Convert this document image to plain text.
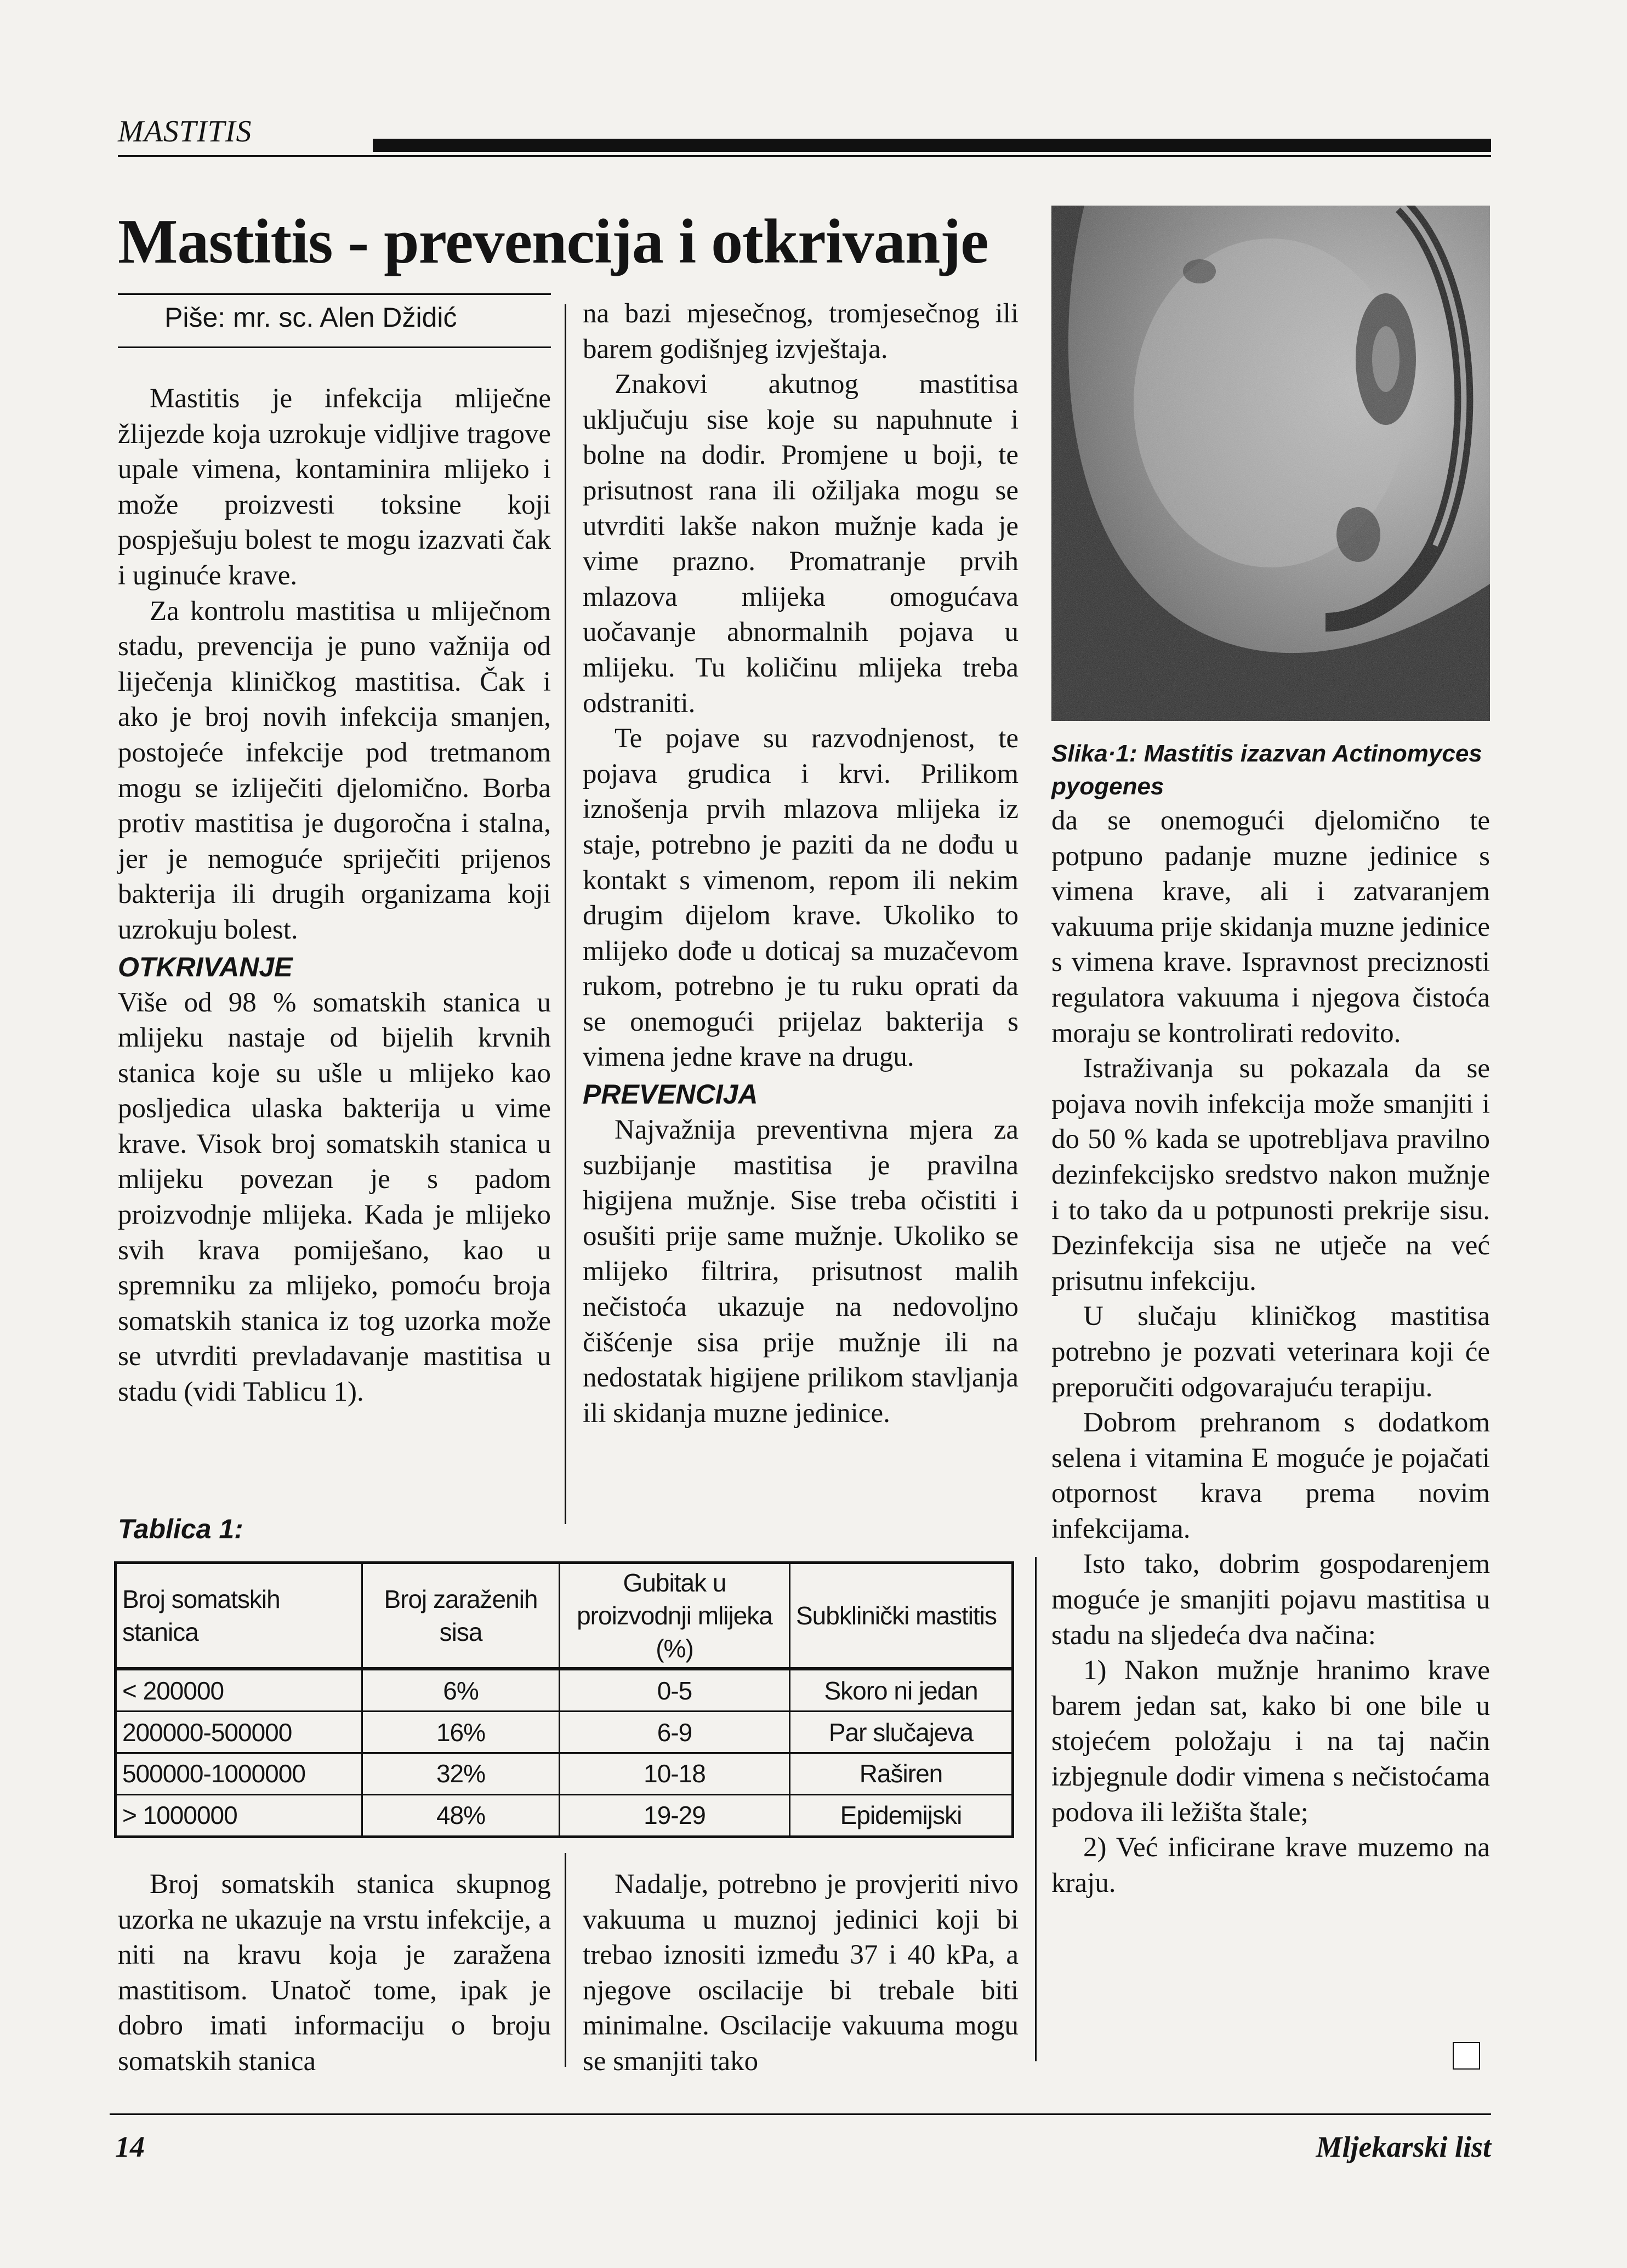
MASTITIS
Mastitis - prevencija i otkrivanje
Piše: mr. sc. Alen Džidić

Mastitis je infekcija mliječne žlijezde koja uzrokuje vidljive tragove upale vimena, kontaminira mlijeko i može proizvesti toksine koji pospješuju bolest te mogu izazvati čak i uginuće krave.

Za kontrolu mastitisa u mliječnom stadu, prevencija je puno važnija od liječenja kliničkog mastitisa. Čak i ako je broj novih infekcija smanjen, postojeće infekcije pod tretmanom mogu se izliječiti djelomično. Borba protiv mastitisa je dugoročna i stalna, jer je nemoguće spriječiti prijenos bakterija ili drugih organizama koji uzrokuju bolest.

OTKRIVANJE

Više od 98 % somatskih stanica u mlijeku nastaje od bijelih krvnih stanica koje su ušle u mlijeko kao posljedica ulaska bakterija u vime krave. Visok broj somatskih stanica u mlijeku povezan je s padom proizvodnje mlijeka. Kada je mlijeko svih krava pomiješano, kao u spremniku za mlijeko, pomoću broja somatskih stanica iz tog uzorka može se utvrditi prevladavanje mastitisa u stadu (vidi Tablicu 1).

na bazi mjesečnog, tromjesečnog ili barem godišnjeg izvještaja.

Znakovi akutnog mastitisa uključuju sise koje su napuhnute i bolne na dodir. Promjene u boji, te prisutnost rana ili ožiljaka mogu se utvrditi lakše nakon mužnje kada je vime prazno. Promatranje prvih mlazova mlijeka omogućava uočavanje abnormalnih pojava u mlijeku. Tu količinu mlijeka treba odstraniti.

Te pojave su razvodnjenost, te pojava grudica i krvi. Prilikom iznošenja prvih mlazova mlijeka iz staje, potrebno je paziti da ne dođu u kontakt s vimenom, repom ili nekim drugim dijelom krave. Ukoliko to mlijeko dođe u doticaj sa muzačevom rukom, potrebno je tu ruku oprati da se onemogući prijelaz bakterija s vimena jedne krave na drugu.

PREVENCIJA

Najvažnija preventivna mjera za suzbijanje mastitisa je pravilna higijena mužnje. Sise treba očistiti i osušiti prije same mužnje. Ukoliko se mlijeko filtrira, prisutnost malih nečistoća ukazuje na nedovoljno čišćenje sisa prije mužnje ili na nedostatak higijene prilikom stavljanja ili skidanja muzne jedinice.

Slika·1: Mastitis izazvan Actinomyces pyogenes

da se onemogući djelomično te potpuno padanje muzne jedinice s vimena krave, ali i zatvaranjem vakuuma prije skidanja muzne jedinice s vimena krave. Ispravnost preciznosti regulatora vakuuma i njegova čistoća moraju se kontrolirati redovito.

Istraživanja su pokazala da se pojava novih infekcija može smanjiti i do 50 % kada se upotrebljava pravilno dezinfekcijsko sredstvo nakon mužnje i to tako da u potpunosti prekrije sisu. Dezinfekcija sisa ne utječe na već prisutnu infekciju.

U slučaju kliničkog mastitisa potrebno je pozvati veterinara koji će preporučiti odgovarajuću terapiju.

Dobrom prehranom s dodatkom selena i vitamina E moguće je pojačati otpornost krava prema novim infekcijama.

Isto tako, dobrim gospodarenjem moguće je smanjiti pojavu mastitisa u stadu na sljedeća dva načina:

1) Nakon mužnje hranimo krave barem jedan sat, kako bi one bile u stojećem položaju i na taj način izbjegnule dodir vimena s nečistoćama podova ili ležišta štale;

2) Već inficirane krave muzemo na kraju.

Tablica 1:
Broj somatskih stanica	Broj zaraženih sisa	Gubitak u proizvodnji mlijeka (%)	Subklinički mastitis
< 200000	6%	0-5	Skoro ni jedan
200000-500000	16%	6-9	Par slučajeva
500000-1000000	32%	10-18	Raširen
> 1000000	48%	19-29	Epidemijski

Broj somatskih stanica skupnog uzorka ne ukazuje na vrstu infekcije, a niti na kravu koja je zaražena mastitisom. Unatoč tome, ipak je dobro imati informaciju o broju somatskih stanica

Nadalje, potrebno je provjeriti nivo vakuuma u muznoj jedinici koji bi trebao iznositi između 37 i 40 kPa, a njegove oscilacije bi trebale biti minimalne. Oscilacije vakuuma mogu se smanjiti tako

14	Mljekarski list
